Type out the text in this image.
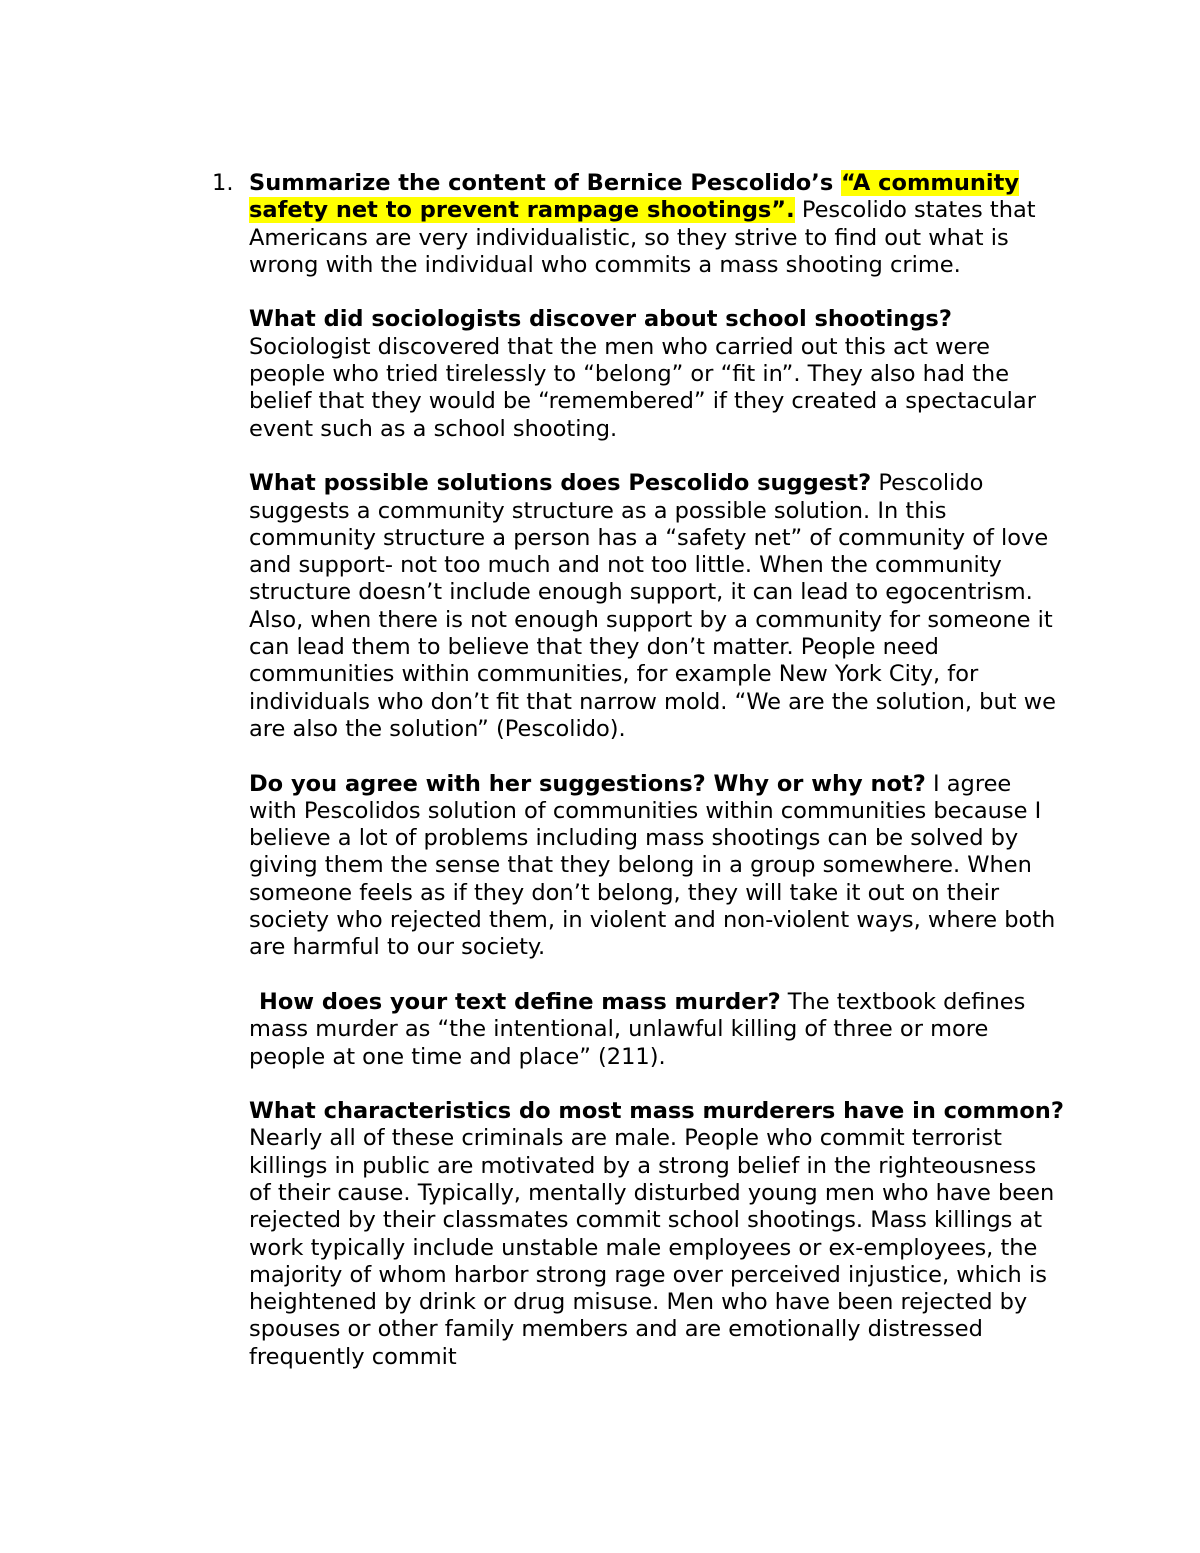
1. Summarize the content of Bernice Pescolido’s “A community safety net to prevent rampage shootings”. Pescolido states that Americans are very individualistic, so they strive to find out what is wrong with the individual who commits a mass shooting crime.

What did sociologists discover about school shootings? Sociologist discovered that the men who carried out this act were people who tried tirelessly to “belong” or “fit in”. They also had the belief that they would be “remembered” if they created a spectacular event such as a school shooting.

What possible solutions does Pescolido suggest? Pescolido suggests a community structure as a possible solution. In this community structure a person has a “safety net” of community of love and support- not too much and not too little. When the community structure doesn’t include enough support, it can lead to egocentrism. Also, when there is not enough support by a community for someone it can lead them to believe that they don’t matter. People need communities within communities, for example New York City, for individuals who don’t fit that narrow mold. “We are the solution, but we are also the solution” (Pescolido).

Do you agree with her suggestions? Why or why not? I agree with Pescolidos solution of communities within communities because I believe a lot of problems including mass shootings can be solved by giving them the sense that they belong in a group somewhere. When someone feels as if they don’t belong, they will take it out on their society who rejected them, in violent and non-violent ways, where both are harmful to our society.

How does your text define mass murder? The textbook defines mass murder as “the intentional, unlawful killing of three or more people at one time and place” (211).

What characteristics do most mass murderers have in common? Nearly all of these criminals are male. People who commit terrorist killings in public are motivated by a strong belief in the righteousness of their cause. Typically, mentally disturbed young men who have been rejected by their classmates commit school shootings. Mass killings at work typically include unstable male employees or ex-employees, the majority of whom harbor strong rage over perceived injustice, which is heightened by drink or drug misuse. Men who have been rejected by spouses or other family members and are emotionally distressed frequently commit
